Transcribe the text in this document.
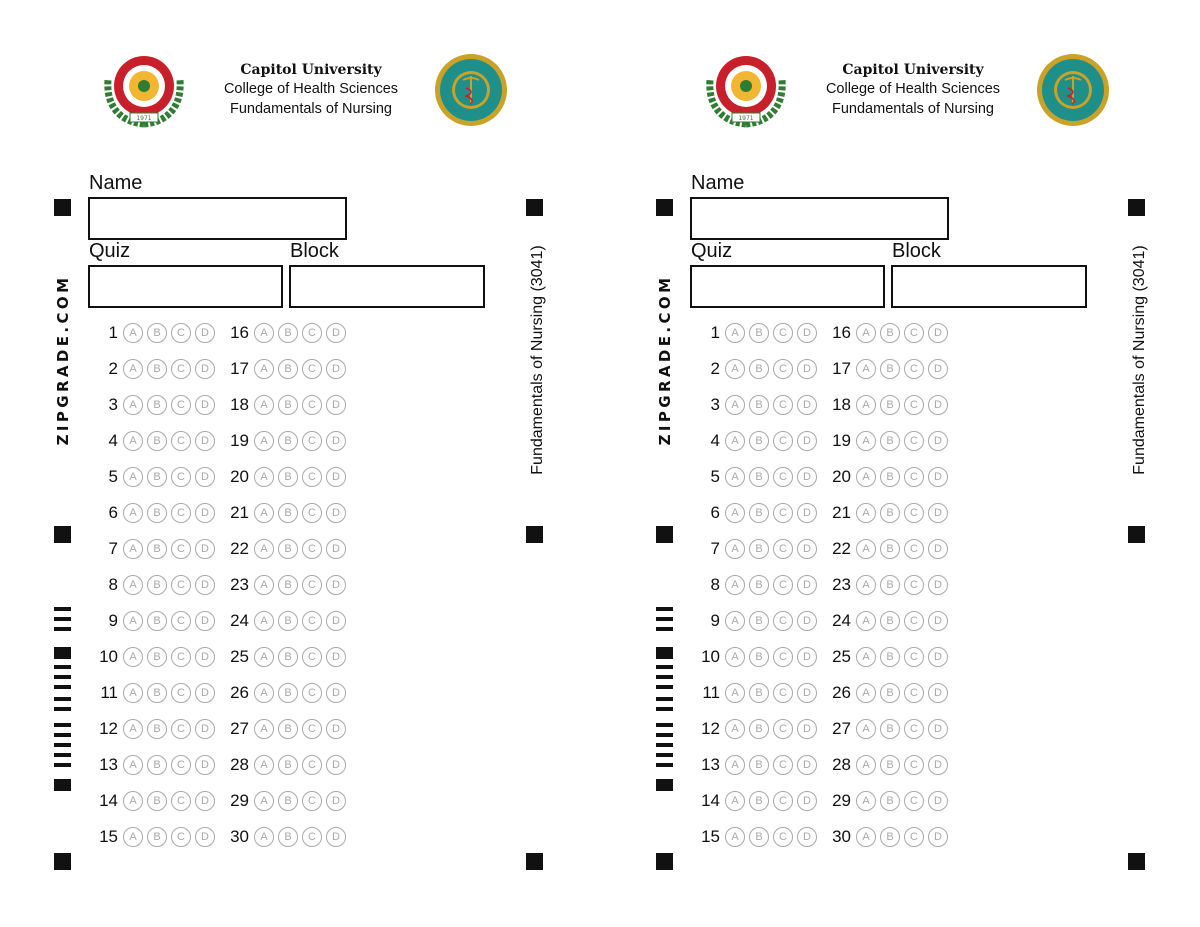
1971
Capitol University
College of Health Sciences
Fundamentals of Nursing
Name
Quiz	Block
ZIPGRADE.COM	Fundamentals of Nursing (3041)
1	A	B	C	D	16	A	B	C	D
2	A	B	C	D	17	A	B	C	D
3	A	B	C	D	18	A	B	C	D
4	A	B	C	D	19	A	B	C	D
5	A	B	C	D	20	A	B	C	D
6	A	B	C	D	21	A	B	C	D
7	A	B	C	D	22	A	B	C	D
8	A	B	C	D	23	A	B	C	D
9	A	B	C	D	24	A	B	C	D
10	A	B	C	D	25	A	B	C	D
11	A	B	C	D	26	A	B	C	D
12	A	B	C	D	27	A	B	C	D
13	A	B	C	D	28	A	B	C	D
14	A	B	C	D	29	A	B	C	D
15	A	B	C	D	30	A	B	C	D
1971
Capitol University
College of Health Sciences
Fundamentals of Nursing
Name
Quiz	Block
ZIPGRADE.COM	Fundamentals of Nursing (3041)
1	A	B	C	D	16	A	B	C	D
2	A	B	C	D	17	A	B	C	D
3	A	B	C	D	18	A	B	C	D
4	A	B	C	D	19	A	B	C	D
5	A	B	C	D	20	A	B	C	D
6	A	B	C	D	21	A	B	C	D
7	A	B	C	D	22	A	B	C	D
8	A	B	C	D	23	A	B	C	D
9	A	B	C	D	24	A	B	C	D
10	A	B	C	D	25	A	B	C	D
11	A	B	C	D	26	A	B	C	D
12	A	B	C	D	27	A	B	C	D
13	A	B	C	D	28	A	B	C	D
14	A	B	C	D	29	A	B	C	D
15	A	B	C	D	30	A	B	C	D
